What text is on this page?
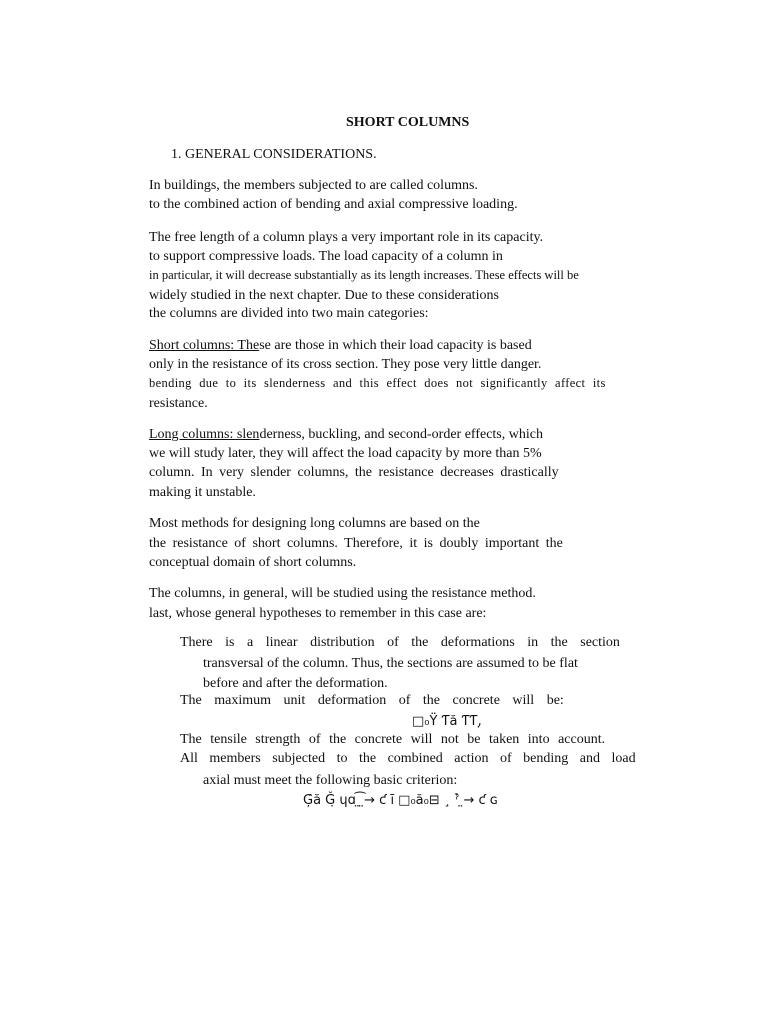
SHORT COLUMNS

1. GENERAL CONSIDERATIONS.

In buildings, the members subjected to are called columns.

to the combined action of bending and axial compressive loading.

The free length of a column plays a very important role in its capacity.

to support compressive loads. The load capacity of a column in

in particular, it will decrease substantially as its length increases. These effects will be

widely studied in the next chapter. Due to these considerations

the columns are divided into two main categories:

Short columns: These are those in which their load capacity is based

only in the resistance of its cross section. They pose very little danger.

bending due to its slenderness and this effect does not significantly affect its

resistance.

Long columns: slenderness, buckling, and second-order effects, which

we will study later, they will affect the load capacity by more than 5%

column. In very slender columns, the resistance decreases drastically

making it unstable.

Most methods for designing long columns are based on the

the resistance of short columns. Therefore, it is doubly important the

conceptual domain of short columns.

The columns, in general, will be studied using the resistance method.

last, whose general hypotheses to remember in this case are:

There is a linear distribution of the deformations in the section

transversal of the column. Thus, the sections are assumed to be flat

before and after the deformation.

The maximum unit deformation of the concrete will be:

□₀Ÿ Ƭă ƬƬ‚̣

The tensile strength of the concrete will not be taken into account.

All members subjected to the combined action of bending and load

axial must meet the following basic criterion:

Ģ́ă Ǧ̣ ɥɑ ̤͡ ̤→ ƈ ı̄ □₀ă₀⊟ ¸ ˀ̉ ̤→ ƈ ɢ
